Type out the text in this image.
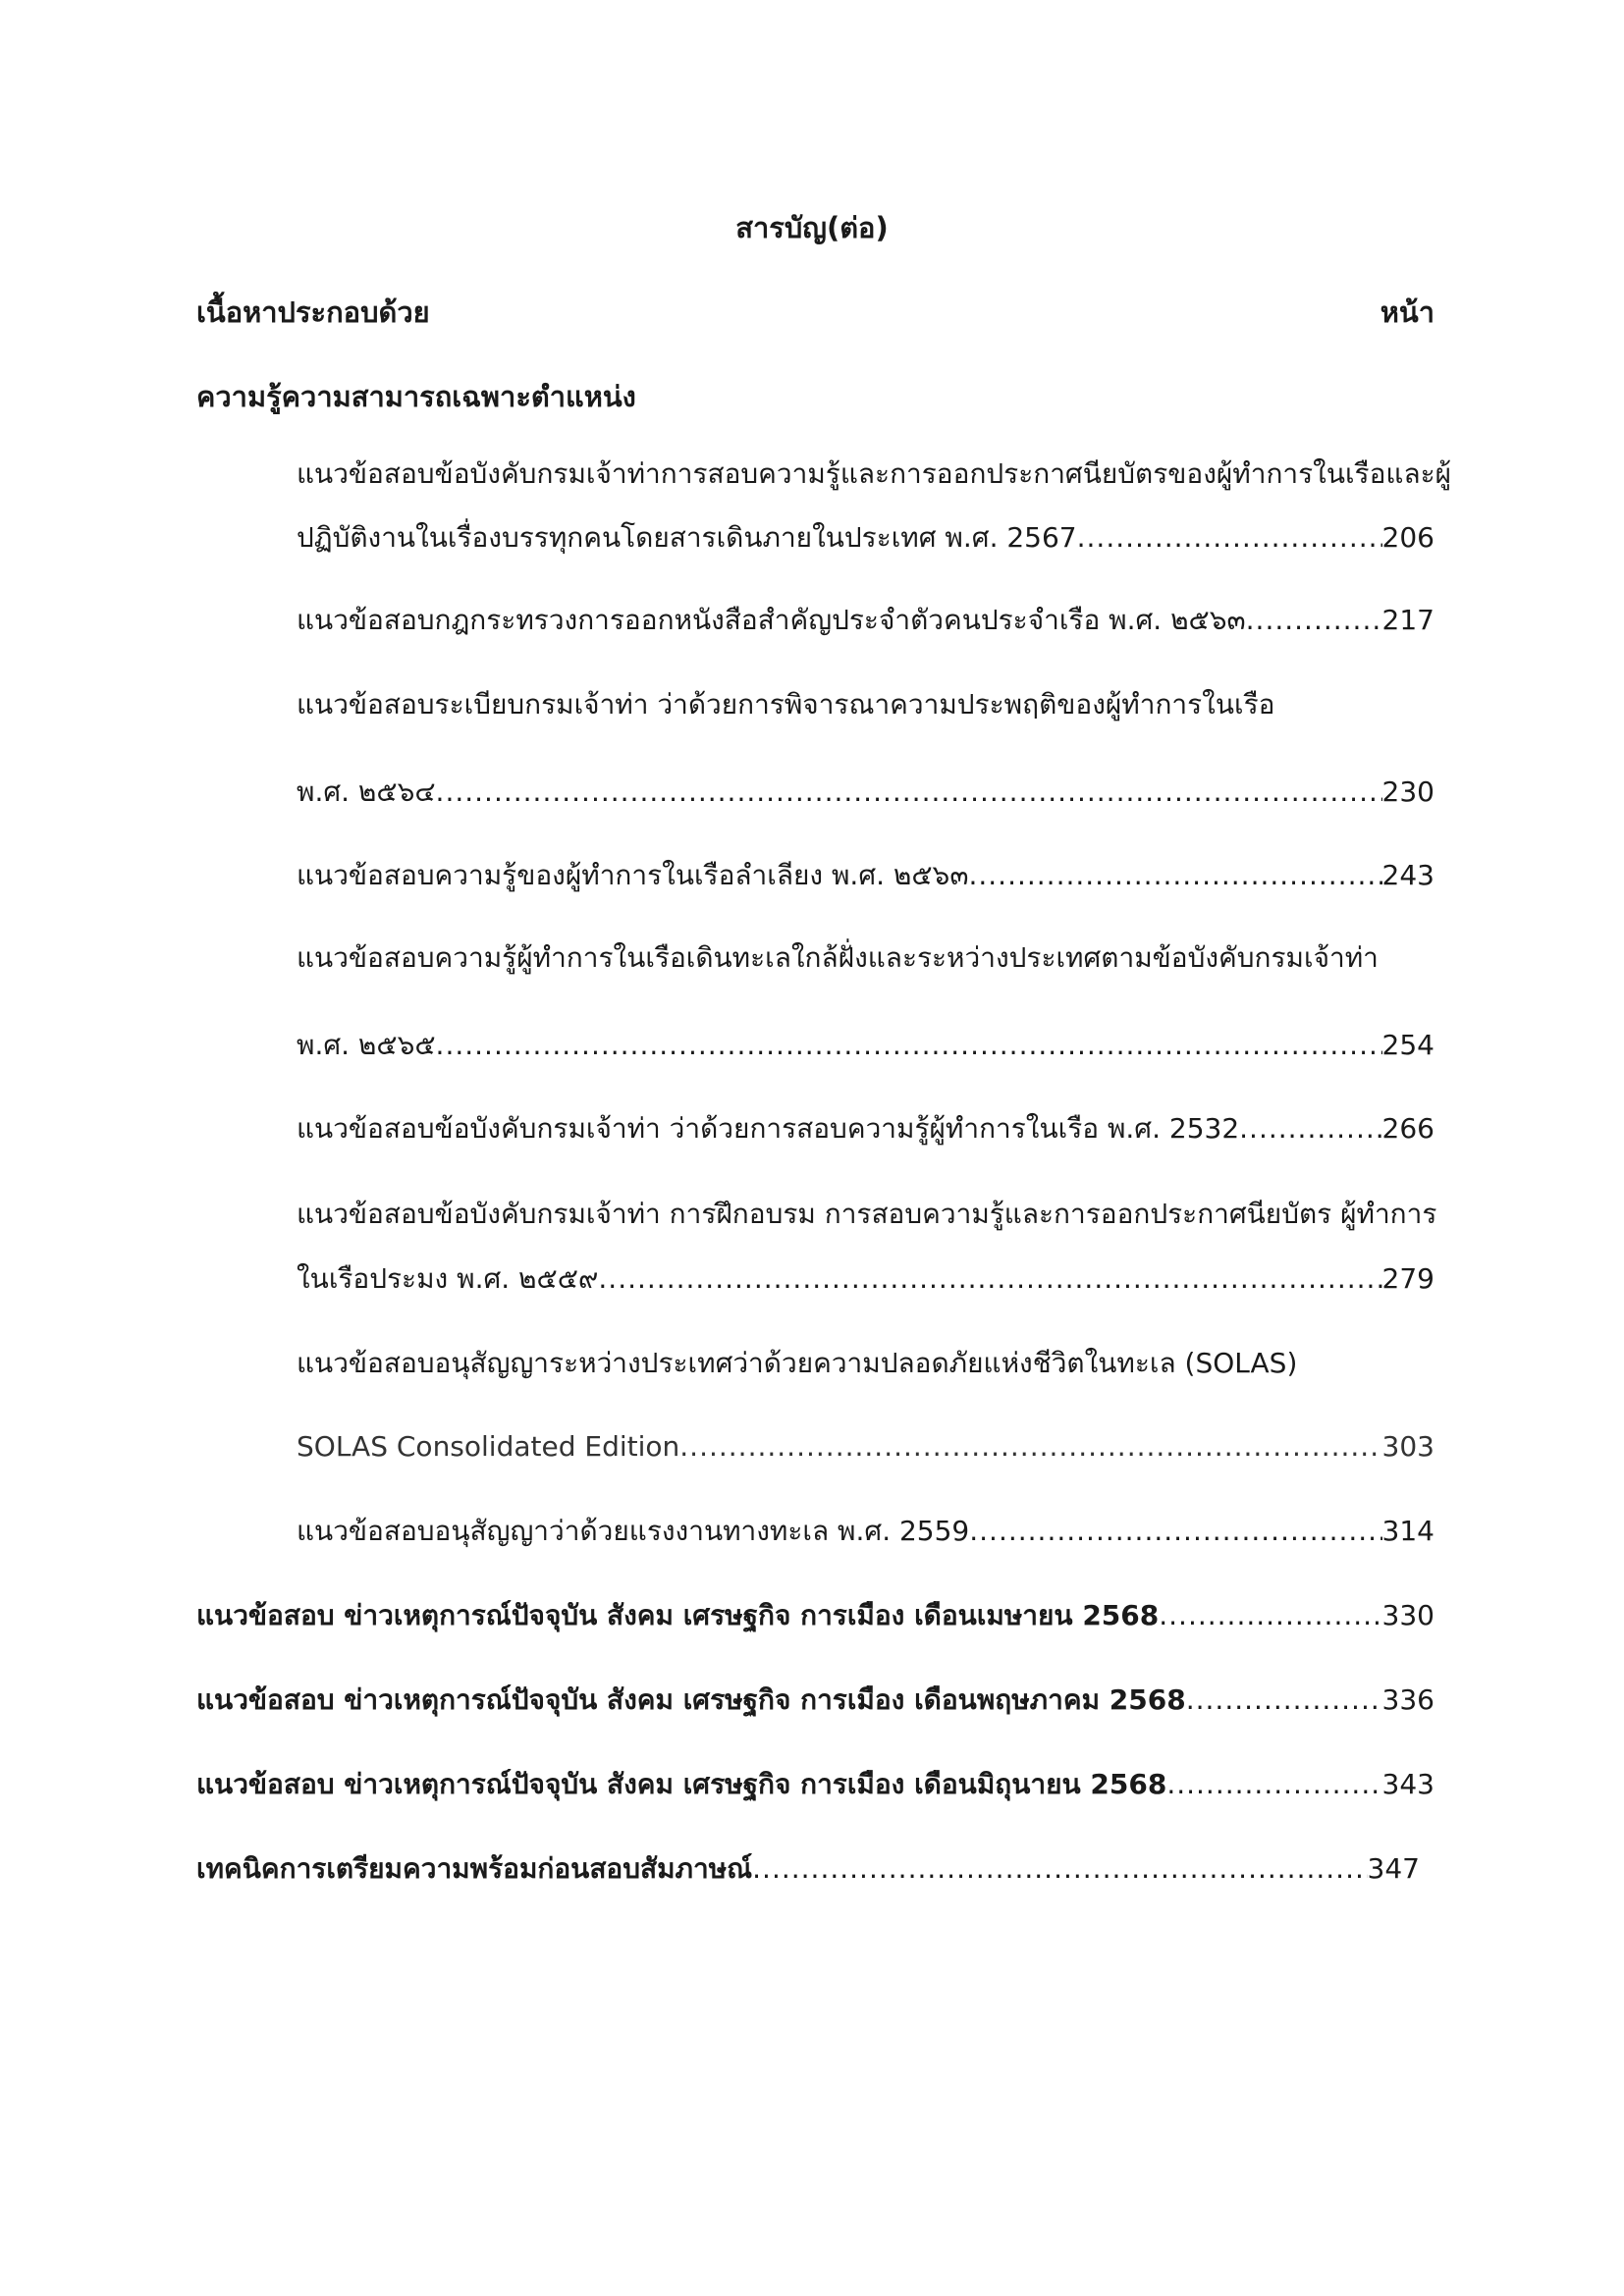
สารบัญ(ต่อ)
เนื้อหาประกอบด้วย	หน้า
ความรู้ความสามารถเฉพาะตำแหน่ง
แนวข้อสอบข้อบังคับกรมเจ้าท่าการสอบความรู้และการออกประกาศนียบัตรของผู้ทำการในเรือและผู้
ปฏิบัติงานในเรื่องบรรทุกคนโดยสารเดินภายในประเทศ พ.ศ. 2567 .....	206
แนวข้อสอบกฎกระทรวงการออกหนังสือสำคัญประจำตัวคนประจำเรือ พ.ศ. ๒๕๖๓ .....	217
แนวข้อสอบระเบียบกรมเจ้าท่า ว่าด้วยการพิจารณาความประพฤติของผู้ทำการในเรือ
พ.ศ. ๒๕๖๔ .....	230
แนวข้อสอบความรู้ของผู้ทำการในเรือลำเลียง พ.ศ. ๒๕๖๓ .....	243
แนวข้อสอบความรู้ผู้ทำการในเรือเดินทะเลใกล้ฝั่งและระหว่างประเทศตามข้อบังคับกรมเจ้าท่า
พ.ศ. ๒๕๖๕ .....	254
แนวข้อสอบข้อบังคับกรมเจ้าท่า ว่าด้วยการสอบความรู้ผู้ทำการในเรือ พ.ศ. 2532 .....	266
แนวข้อสอบข้อบังคับกรมเจ้าท่า การฝึกอบรม การสอบความรู้และการออกประกาศนียบัตร ผู้ทำการ
ในเรือประมง พ.ศ. ๒๕๕๙ .....	279
แนวข้อสอบอนุสัญญาระหว่างประเทศว่าด้วยความปลอดภัยแห่งชีวิตในทะเล (SOLAS)
SOLAS Consolidated Edition .....	303
แนวข้อสอบอนุสัญญาว่าด้วยแรงงานทางทะเล พ.ศ. 2559 .....	314
แนวข้อสอบ ข่าวเหตุการณ์ปัจจุบัน สังคม เศรษฐกิจ การเมือง เดือนเมษายน 2568 .....	330
แนวข้อสอบ ข่าวเหตุการณ์ปัจจุบัน สังคม เศรษฐกิจ การเมือง เดือนพฤษภาคม 2568 .....	336
แนวข้อสอบ ข่าวเหตุการณ์ปัจจุบัน สังคม เศรษฐกิจ การเมือง เดือนมิถุนายน 2568 .....	343
เทคนิคการเตรียมความพร้อมก่อนสอบสัมภาษณ์ .....	347
